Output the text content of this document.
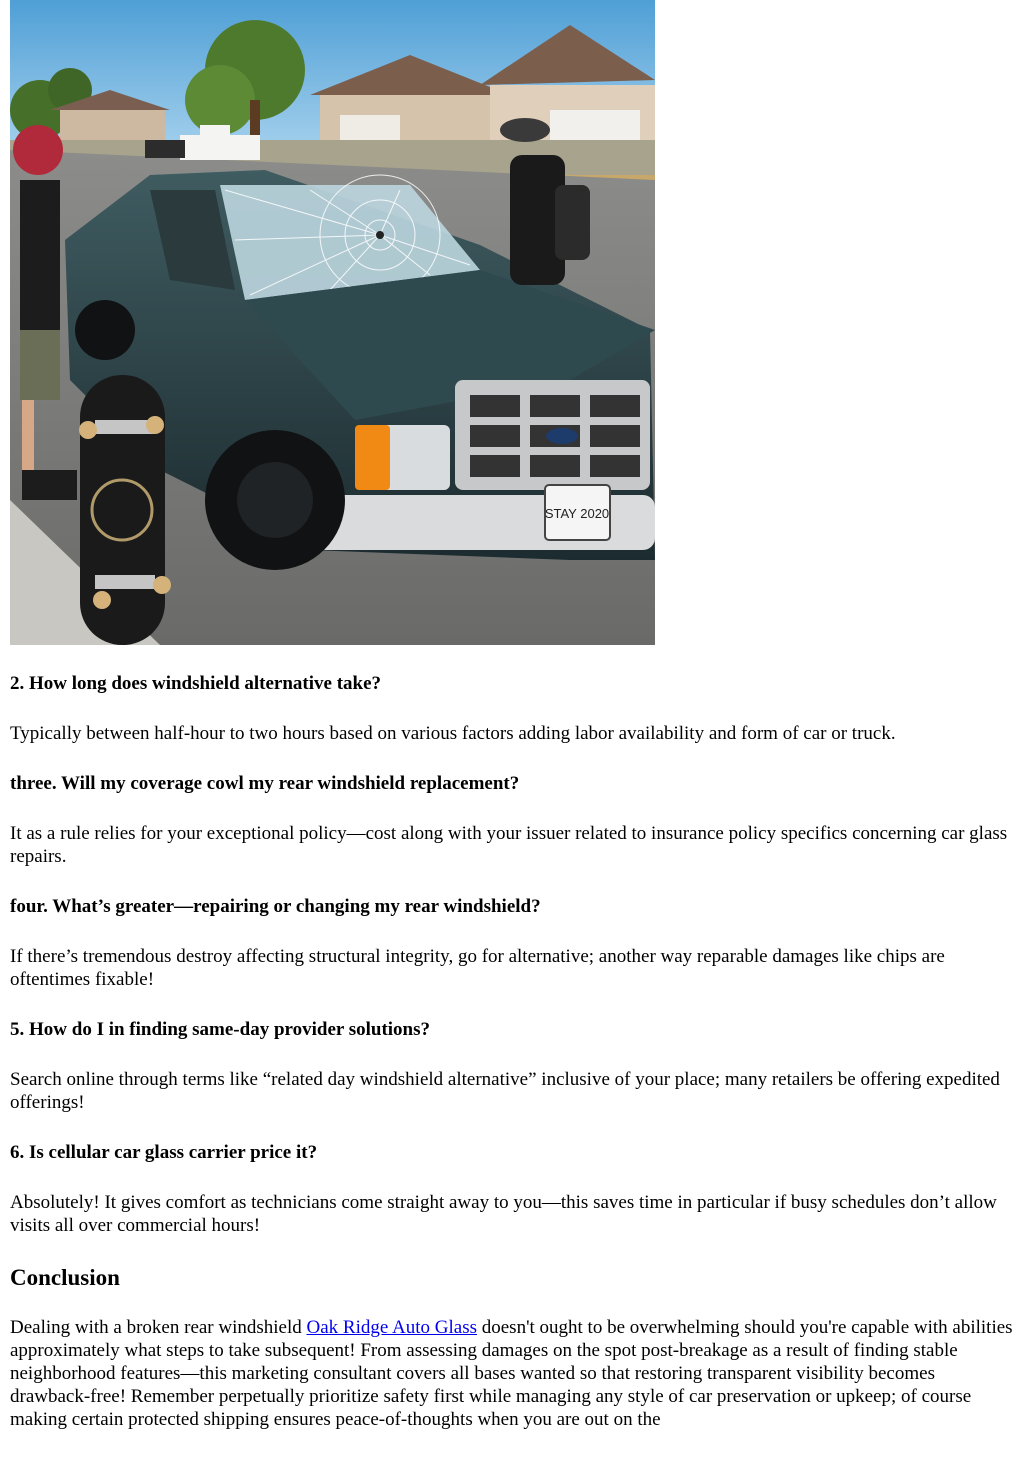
STAY 2020
2. How long does windshield alternative take?

Typically between half-hour to two hours based on various factors adding labor availability and form of car or truck.

three. Will my coverage cowl my rear windshield replacement?

It as a rule relies for your exceptional policy—cost along with your issuer related to insurance policy specifics concerning car glass repairs.

four. What’s greater—repairing or changing my rear windshield?

If there’s tremendous destroy affecting structural integrity, go for alternative; another way reparable damages like chips are oftentimes fixable!

5. How do I in finding same-day provider solutions?

Search online through terms like “related day windshield alternative” inclusive of your place; many retailers be offering expedited offerings!

6. Is cellular car glass carrier price it?

Absolutely! It gives comfort as technicians come straight away to you—this saves time in particular if busy schedules don’t allow visits all over commercial hours!

Conclusion

Dealing with a broken rear windshield Oak Ridge Auto Glass doesn't ought to be overwhelming should you're capable with abilities approximately what steps to take subsequent! From assessing damages on the spot post-breakage as a result of finding stable neighborhood features—this marketing consultant covers all bases wanted so that restoring transparent visibility becomes drawback-free! Remember perpetually prioritize safety first while managing any style of car preservation or upkeep; of course making certain protected shipping ensures peace-of-thoughts when you are out on the
